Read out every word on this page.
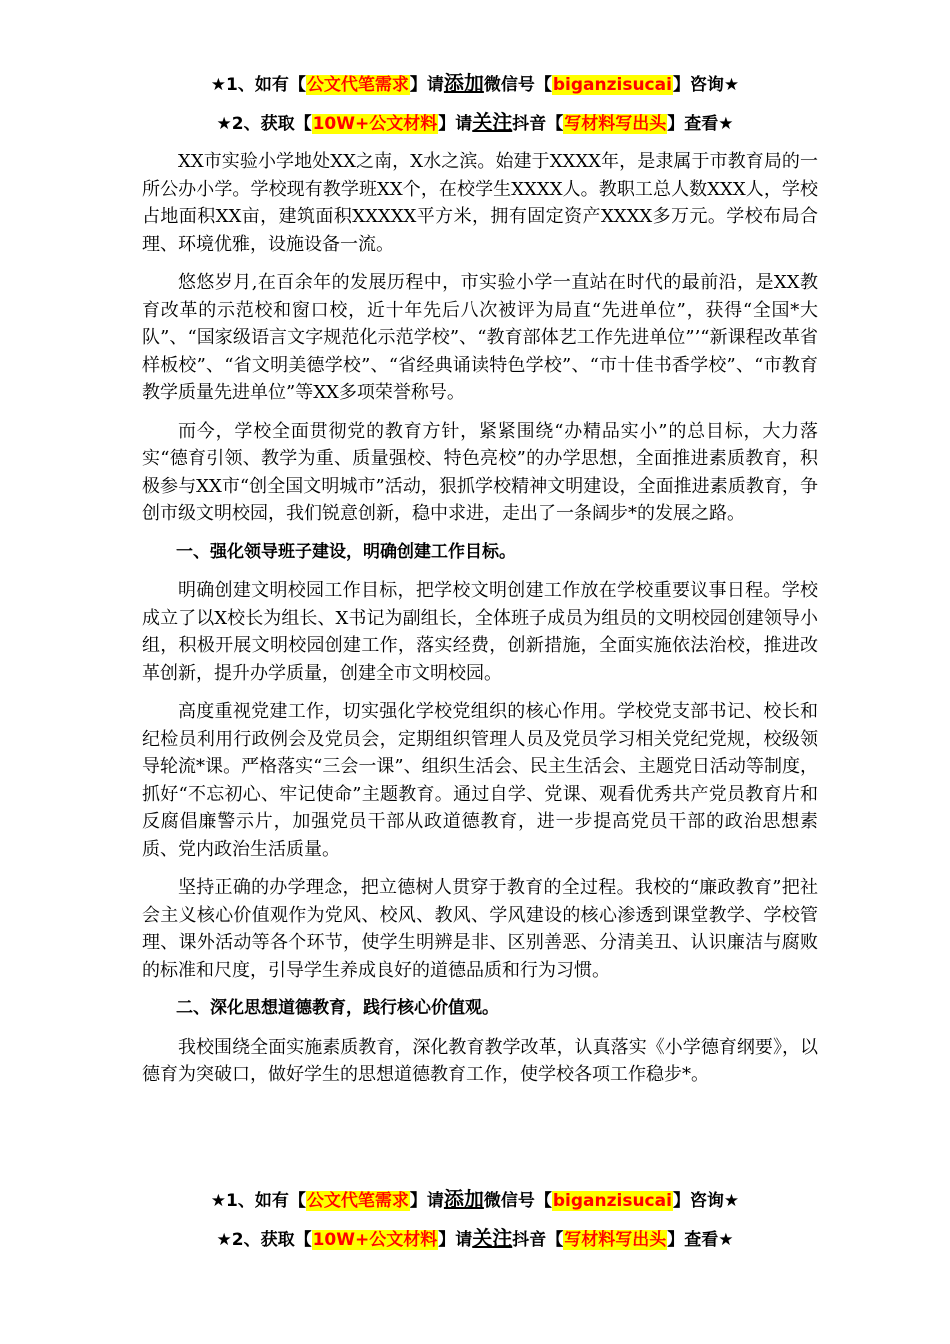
★1、如有【公文代笔需求】请添加微信号【biganzisucai】咨询★
★2、获取【10W+公文材料】请关注抖音【写材料写出头】查看★

XX市实验小学地处XX之南，X水之滨。始建于XXXX年，是隶属于市教育局的一所公办小学。学校现有教学班XX个，在校学生XXXX人。教职工总人数XXX人，学校占地面积XX亩，建筑面积XXXXX平方米，拥有固定资产XXXX多万元。学校布局合理、环境优雅，设施设备一流。

悠悠岁月,在百余年的发展历程中，市实验小学一直站在时代的最前沿，是XX教育改革的示范校和窗口校，近十年先后八次被评为局直“先进单位”，获得“全国*大队”、“国家级语言文字规范化示范学校”、“教育部体艺工作先进单位”’“新课程改革省样板校”、“省文明美德学校”、“省经典诵读特色学校”、“市十佳书香学校”、“市教育教学质量先进单位”等XX多项荣誉称号。

而今，学校全面贯彻党的教育方针，紧紧围绕“办精品实小”的总目标，大力落实“德育引领、教学为重、质量强校、特色亮校”的办学思想，全面推进素质教育，积极参与XX市“创全国文明城市”活动，狠抓学校精神文明建设，全面推进素质教育，争创市级文明校园，我们锐意创新，稳中求进，走出了一条阔步*的发展之路。

一、强化领导班子建设，明确创建工作目标。

明确创建文明校园工作目标，把学校文明创建工作放在学校重要议事日程。学校成立了以X校长为组长、X书记为副组长，全体班子成员为组员的文明校园创建领导小组，积极开展文明校园创建工作，落实经费，创新措施，全面实施依法治校，推进改革创新，提升办学质量，创建全市文明校园。

高度重视党建工作，切实强化学校党组织的核心作用。学校党支部书记、校长和纪检员利用行政例会及党员会，定期组织管理人员及党员学习相关党纪党规，校级领导轮流*课。严格落实“三会一课”、组织生活会、民主生活会、主题党日活动等制度，抓好“不忘初心、牢记使命”主题教育。通过自学、党课、观看优秀共产党员教育片和反腐倡廉警示片，加强党员干部从政道德教育，进一步提高党员干部的政治思想素质、党内政治生活质量。

坚持正确的办学理念，把立德树人贯穿于教育的全过程。我校的“廉政教育”把社会主义核心价值观作为党风、校风、教风、学风建设的核心渗透到课堂教学、学校管理、课外活动等各个环节，使学生明辨是非、区别善恶、分清美丑、认识廉洁与腐败的标准和尺度，引导学生养成良好的道德品质和行为习惯。

二、深化思想道德教育，践行核心价值观。

我校围绕全面实施素质教育，深化教育教学改革，认真落实《小学德育纲要》，以德育为突破口，做好学生的思想道德教育工作，使学校各项工作稳步*。

★1、如有【公文代笔需求】请添加微信号【biganzisucai】咨询★
★2、获取【10W+公文材料】请关注抖音【写材料写出头】查看★
